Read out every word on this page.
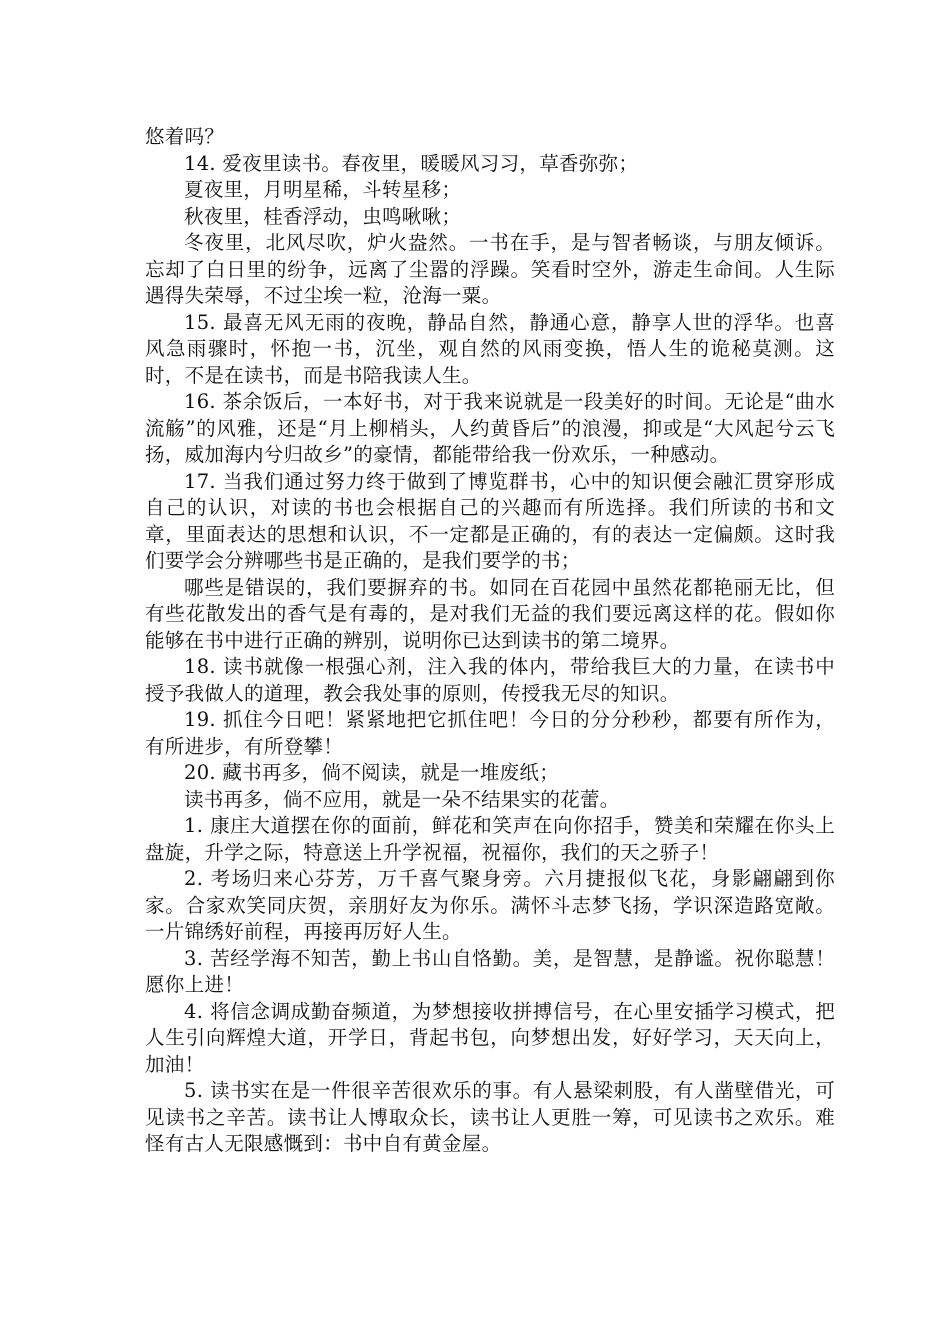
悠着吗？

14. 爱夜里读书。春夜里，暖暖风习习，草香弥弥；

夏夜里，月明星稀，斗转星移；

秋夜里，桂香浮动，虫鸣啾啾；

冬夜里，北风尽吹，炉火盎然。一书在手，是与智者畅谈，与朋友倾诉。忘却了白日里的纷争，远离了尘嚣的浮躁。笑看时空外，游走生命间。人生际遇得失荣辱，不过尘埃一粒，沧海一粟。

15. 最喜无风无雨的夜晚，静品自然，静通心意，静享人世的浮华。也喜风急雨骤时，怀抱一书，沉坐，观自然的风雨变换，悟人生的诡秘莫测。这时，不是在读书，而是书陪我读人生。

16. 茶余饭后，一本好书，对于我来说就是一段美好的时间。无论是“曲水流觞”的风雅，还是“月上柳梢头，人约黄昏后”的浪漫，抑或是“大风起兮云飞扬，威加海内兮归故乡”的豪情，都能带给我一份欢乐，一种感动。

17. 当我们通过努力终于做到了博览群书，心中的知识便会融汇贯穿形成自己的认识，对读的书也会根据自己的兴趣而有所选择。我们所读的书和文章，里面表达的思想和认识，不一定都是正确的，有的表达一定偏颇。这时我们要学会分辨哪些书是正确的，是我们要学的书；

哪些是错误的，我们要摒弃的书。如同在百花园中虽然花都艳丽无比，但有些花散发出的香气是有毒的，是对我们无益的我们要远离这样的花。假如你能够在书中进行正确的辨别，说明你已达到读书的第二境界。

18. 读书就像一根强心剂，注入我的体内，带给我巨大的力量，在读书中授予我做人的道理，教会我处事的原则，传授我无尽的知识。

19. 抓住今日吧！紧紧地把它抓住吧！今日的分分秒秒，都要有所作为，有所进步，有所登攀！

20. 藏书再多，倘不阅读，就是一堆废纸；

读书再多，倘不应用，就是一朵不结果实的花蕾。

1. 康庄大道摆在你的面前，鲜花和笑声在向你招手，赞美和荣耀在你头上盘旋，升学之际，特意送上升学祝福，祝福你，我们的天之骄子！

2. 考场归来心芬芳，万千喜气聚身旁。六月捷报似飞花，身影翩翩到你家。合家欢笑同庆贺，亲朋好友为你乐。满怀斗志梦飞扬，学识深造路宽敞。一片锦绣好前程，再接再厉好人生。

3. 苦经学海不知苦，勤上书山自恪勤。美，是智慧，是静谧。祝你聪慧！愿你上进！

4. 将信念调成勤奋频道，为梦想接收拼搏信号，在心里安插学习模式，把人生引向辉煌大道，开学日，背起书包，向梦想出发，好好学习，天天向上，加油！

5. 读书实在是一件很辛苦很欢乐的事。有人悬梁刺股，有人凿壁借光，可见读书之辛苦。读书让人博取众长，读书让人更胜一筹，可见读书之欢乐。难怪有古人无限感慨到：书中自有黄金屋。
